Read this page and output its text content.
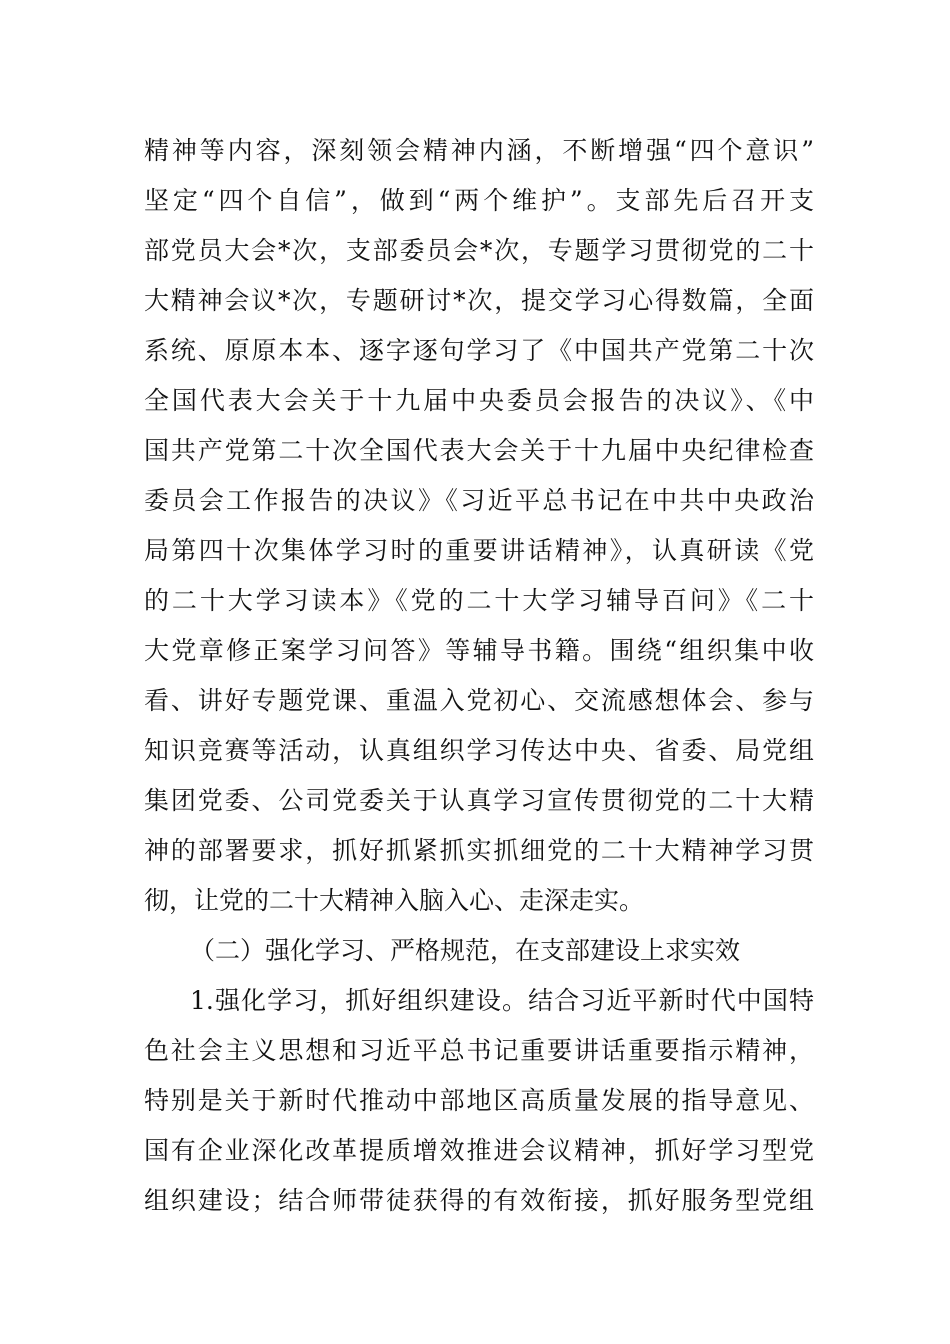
精神等内容，深刻领会精神内涵，不断增强“四个意识”
坚定“四个自信”，做到“两个维护”。支部先后召开支
部党员大会*次，支部委员会*次，专题学习贯彻党的二十
大精神会议*次，专题研讨*次，提交学习心得数篇，全面
系统、原原本本、逐字逐句学习了《中国共产党第二十次
全国代表大会关于十九届中央委员会报告的决议》、《中
国共产党第二十次全国代表大会关于十九届中央纪律检查
委员会工作报告的决议》《习近平总书记在中共中央政治
局第四十次集体学习时的重要讲话精神》，认真研读《党
的二十大学习读本》《党的二十大学习辅导百问》《二十
大党章修正案学习问答》等辅导书籍。围绕“组织集中收
看、讲好专题党课、重温入党初心、交流感想体会、参与
知识竞赛等活动，认真组织学习传达中央、省委、局党组
集团党委、公司党委关于认真学习宣传贯彻党的二十大精
神的部署要求，抓好抓紧抓实抓细党的二十大精神学习贯
彻，让党的二十大精神入脑入心、走深走实。
（二）强化学习、严格规范，在支部建设上求实效
1.强化学习，抓好组织建设。结合习近平新时代中国特
色社会主义思想和习近平总书记重要讲话重要指示精神，
特别是关于新时代推动中部地区高质量发展的指导意见、
国有企业深化改革提质增效推进会议精神，抓好学习型党
组织建设；结合师带徒获得的有效衔接，抓好服务型党组
